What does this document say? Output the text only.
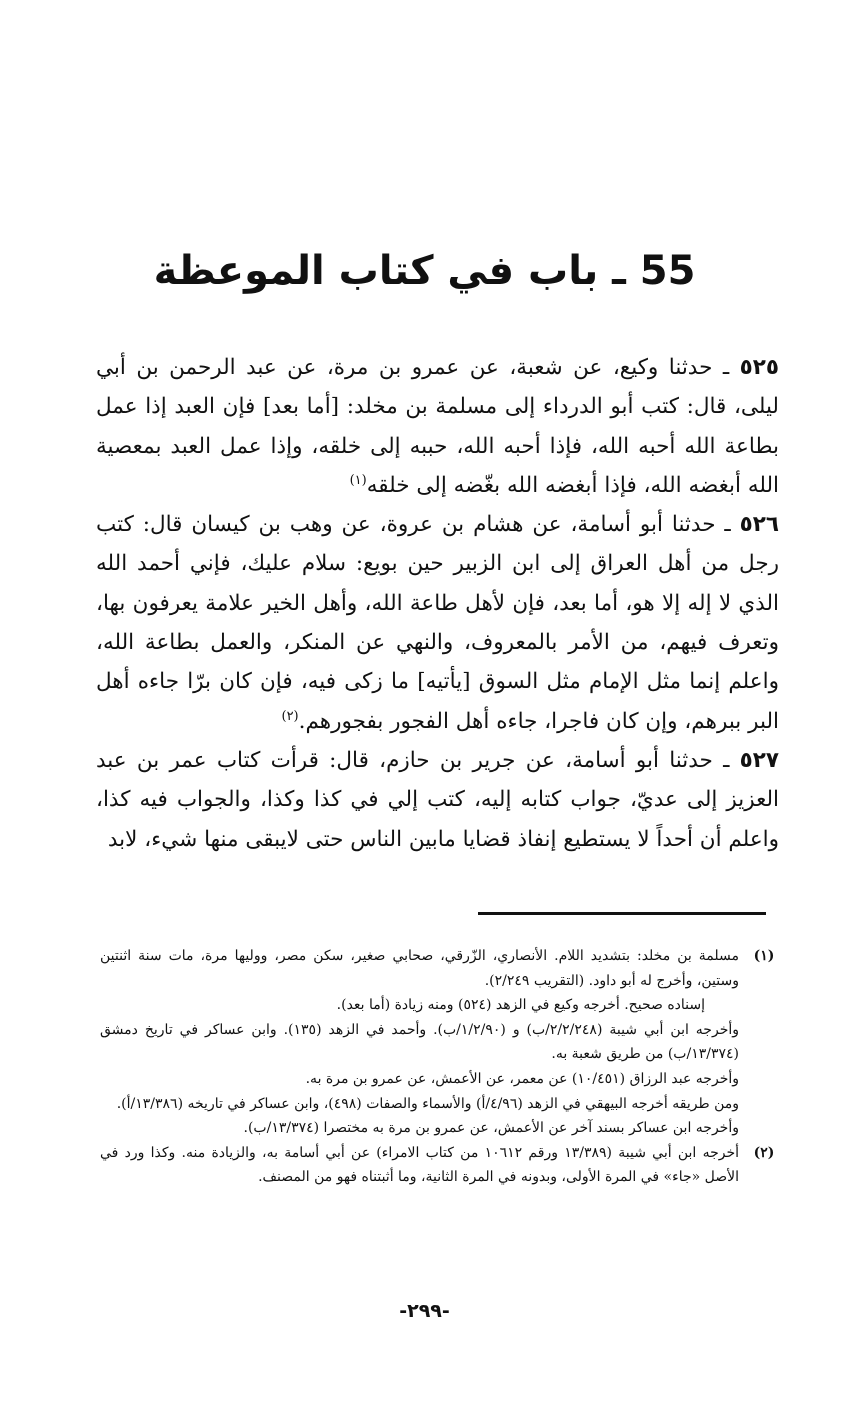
55 ـ باب في كتاب الموعظة

٥٢٥ ـ حدثنا وكيع، عن شعبة، عن عمرو بن مرة، عن عبد الرحمن بن أبي ليلى، قال: كتب أبو الدرداء إلى مسلمة بن مخلد: [أما بعد] فإن العبد إذا عمل بطاعة الله أحبه الله، فإذا أحبه الله، حببه إلى خلقه، وإذا عمل العبد بمعصية الله أبغضه الله، فإذا أبغضه الله بغّضه إلى خلقه$^{(١)}$

٥٢٦ ـ حدثنا أبو أسامة، عن هشام بن عروة، عن وهب بن كيسان قال: كتب رجل من أهل العراق إلى ابن الزبير حين بويع: سلام عليك، فإني أحمد الله الذي لا إله إلا هو، أما بعد، فإن لأهل طاعة الله، وأهل الخير علامة يعرفون بها، وتعرف فيهم، من الأمر بالمعروف، والنهي عن المنكر، والعمل بطاعة الله، واعلم إنما مثل الإمام مثل السوق [يأتيه] ما زكى فيه، فإن كان برّا جاءه أهل البر ببرهم، وإن كان فاجرا، جاءه أهل الفجور بفجورهم.$^{(٢)}$

٥٢٧ ـ حدثنا أبو أسامة، عن جرير بن حازم، قال: قرأت كتاب عمر بن عبد العزيز إلى عديّ، جواب كتابه إليه، كتب إلي في كذا وكذا، والجواب فيه كذا، واعلم أن أحداً لا يستطيع إنفاذ قضايا مابين الناس حتى لايبقى منها شيء، لابد

(١)

مسلمة بن مخلد: بتشديد اللام. الأنصاري، الزّرقي، صحابي صغير، سكن مصر، ووليها مرة، مات سنة اثنتين وستين، وأخرج له أبو داود. (التقريب ٢/٢٤٩).

إسناده صحيح. أخرجه وكيع في الزهد (٥٢٤) ومنه زيادة (أما بعد).

وأخرجه ابن أبي شيبة (٢/٢/٢٤٨/ب) و (١/٢/٩٠/ب). وأحمد في الزهد (١٣٥). وابن عساكر في تاريخ دمشق (١٣/٣٧٤/ب) من طريق شعبة به.

وأخرجه عبد الرزاق (١٠/٤٥١) عن معمر، عن الأعمش، عن عمرو بن مرة به.

ومن طريقه أخرجه البيهقي في الزهد (٤/٩٦/أ) والأسماء والصفات (٤٩٨)، وابن عساكر في تاريخه (١٣/٣٨٦/أ).

وأخرجه ابن عساكر بسند آخر عن الأعمش، عن عمرو بن مرة به مختصرا (١٣/٣٧٤/ب).

(٢)

أخرجه ابن أبي شيبة (١٣/٣٨٩ ورقم ١٠٦١٢ من كتاب الامراء) عن أبي أسامة به، والزيادة منه. وكذا ورد في الأصل «جاء» في المرة الأولى، وبدونه في المرة الثانية، وما أثبتناه فهو من المصنف.

-٢٩٩-
